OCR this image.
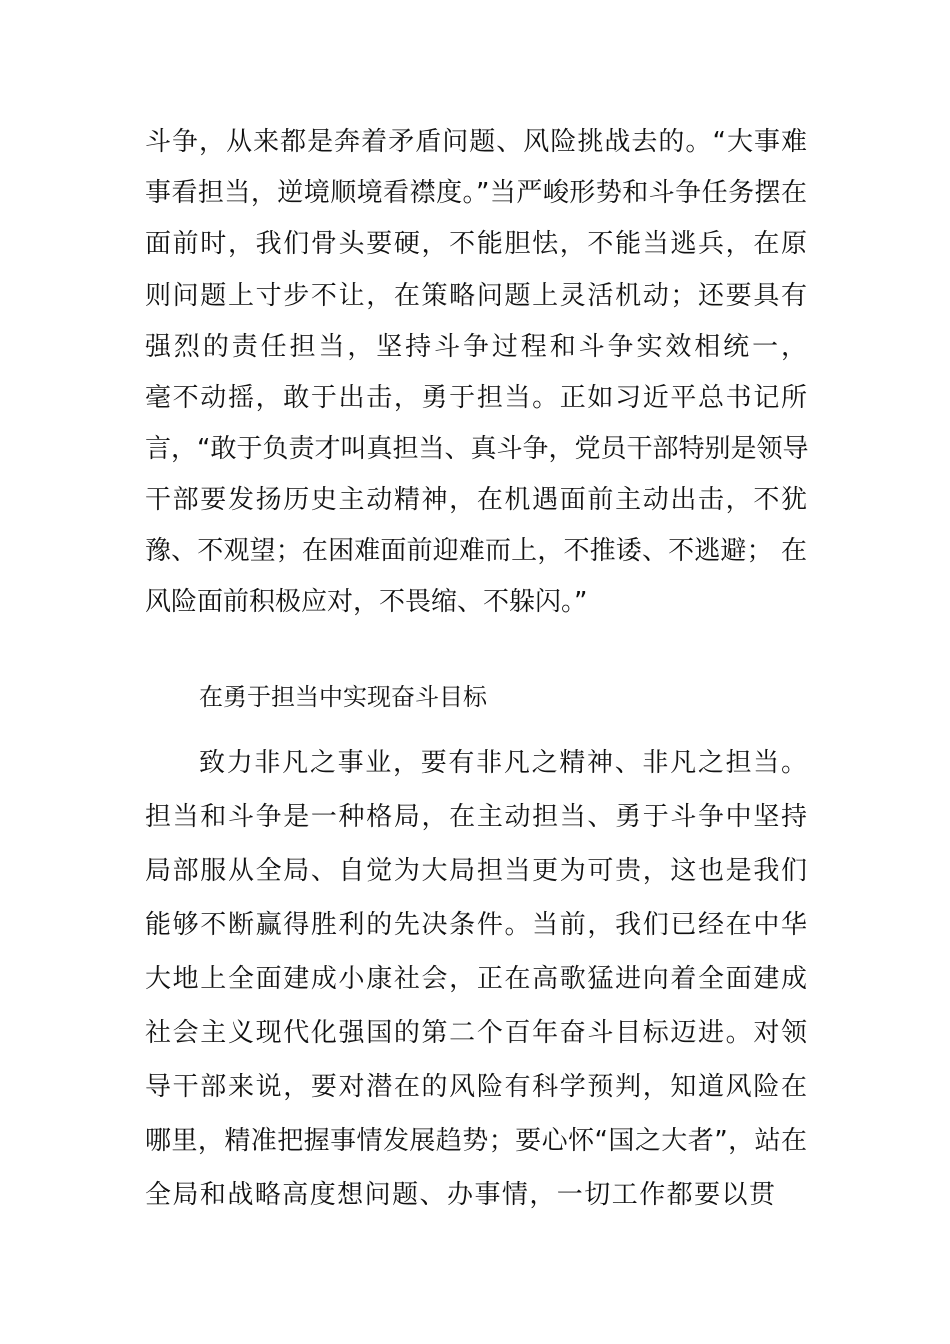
斗争，从来都是奔着矛盾问题、风险挑战去的。“大事难
事看担当，逆境顺境看襟度。”当严峻形势和斗争任务摆在
面前时，我们骨头要硬，不能胆怯，不能当逃兵，在原
则问题上寸步不让，在策略问题上灵活机动；还要具有
强烈的责任担当，坚持斗争过程和斗争实效相统一，
毫不动摇，敢于出击，勇于担当。正如习近平总书记所
言，“敢于负责才叫真担当、真斗争，党员干部特别是领导
干部要发扬历史主动精神，在机遇面前主动出击，不犹
豫、不观望；在困难面前迎难而上，不推诿、不逃避； 在
风险面前积极应对，不畏缩、不躲闪。”
在勇于担当中实现奋斗目标
致力非凡之事业，要有非凡之精神、非凡之担当。
担当和斗争是一种格局，在主动担当、勇于斗争中坚持
局部服从全局、自觉为大局担当更为可贵，这也是我们
能够不断赢得胜利的先决条件。当前，我们已经在中华
大地上全面建成小康社会，正在高歌猛进向着全面建成
社会主义现代化强国的第二个百年奋斗目标迈进。对领
导干部来说，要对潜在的风险有科学预判，知道风险在
哪里，精准把握事情发展趋势；要心怀“国之大者”，站在
全局和战略高度想问题、办事情，一切工作都要以贯
